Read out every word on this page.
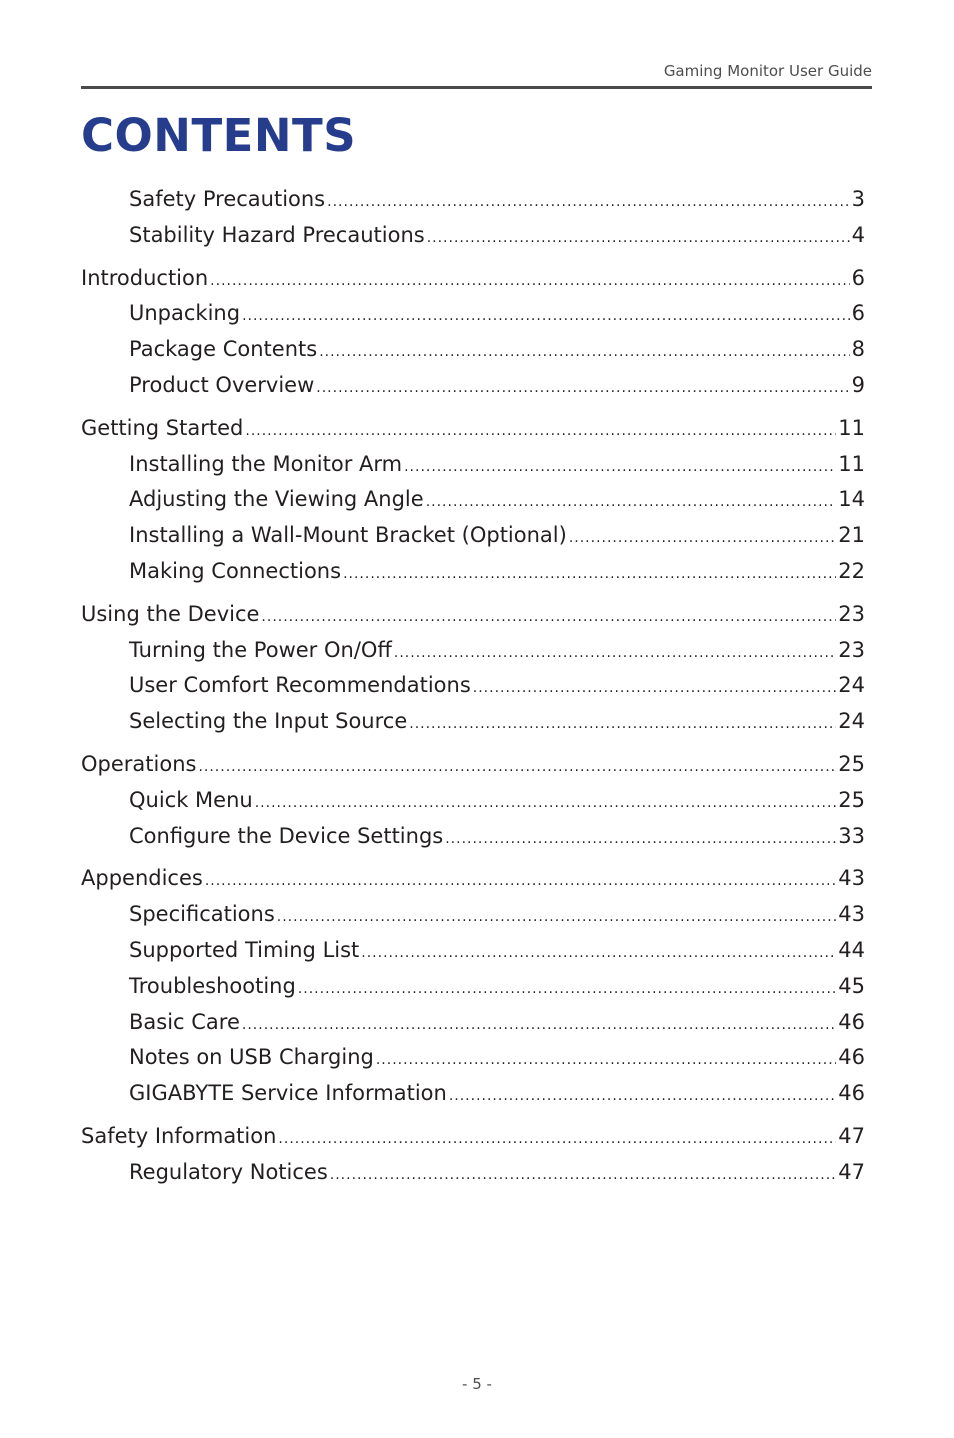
Gaming Monitor User Guide
CONTENTS
Safety Precautions .....	3
Stability Hazard Precautions .....	4
Introduction .....	6
Unpacking .....	6
Package Contents .....	8
Product Overview .....	9
Getting Started .....	11
Installing the Monitor Arm .....	11
Adjusting the Viewing Angle .....	14
Installing a Wall-Mount Bracket (Optional) .....	21
Making Connections .....	22
Using the Device .....	23
Turning the Power On/Off .....	23
User Comfort Recommendations .....	24
Selecting the Input Source .....	24
Operations .....	25
Quick Menu .....	25
Configure the Device Settings .....	33
Appendices .....	43
Specifications .....	43
Supported Timing List .....	44
Troubleshooting .....	45
Basic Care .....	46
Notes on USB Charging .....	46
GIGABYTE Service Information .....	46
Safety Information .....	47
Regulatory Notices .....	47
- 5 -
